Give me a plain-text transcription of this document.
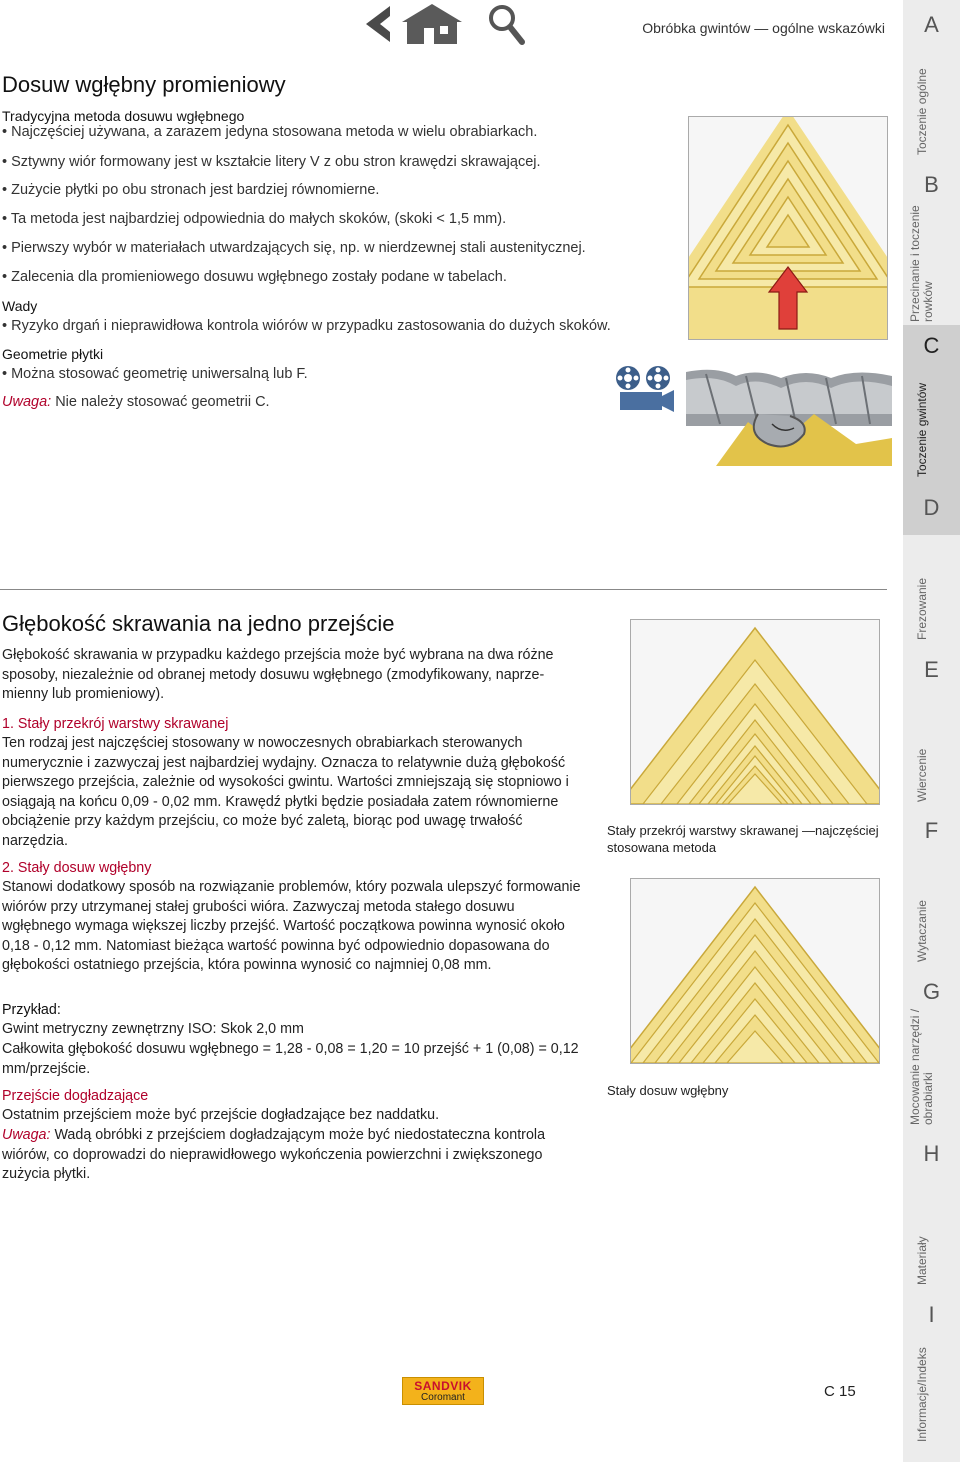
Obróbka gwintów — ogólne wskazówki
Dosuw wgłębny promieniowy
Tradycyjna metoda dosuwu wgłębnego
• Najczęściej używana, a zarazem jedyna stosowana metoda w wielu obrabiarkach.
• Sztywny wiór formowany jest w kształcie litery V z obu stron krawędzi skrawającej.
• Zużycie płytki po obu stronach jest bardziej równomierne.
• Ta metoda jest najbardziej odpowiednia do małych skoków, (skoki < 1,5 mm).
• Pierwszy wybór w materiałach utwardzających się, np. w nierdzewnej stali austenitycznej.
• Zalecenia dla promieniowego dosuwu wgłębnego zostały podane w tabelach.
Wady
• Ryzyko drgań i nieprawidłowa kontrola wiórów w przypadku zastosowania do dużych skoków.
Geometrie płytki
• Można stosować geometrię uniwersalną lub F.
Uwaga: Nie należy stosować geometrii C.
Głębokość skrawania na jedno przejście
Głębokość skrawania w przypadku każdego przejścia może być wybrana na dwa różne sposoby, niezależnie od obranej metody dosuwu wgłębnego (zmodyfikowany, naprze-mienny lub promieniowy).
1. Stały przekrój warstwy skrawanej
Ten rodzaj jest najczęściej stosowany w nowoczesnych obrabiarkach sterowanych numerycznie i zazwyczaj jest najbardziej wydajny. Oznacza to relatywnie dużą głębokość pierwszego przejścia, zależnie od wysokości gwintu. Wartości zmniejszają się stopniowo i osiągają na końcu 0,09 - 0,02 mm. Krawędź płytki będzie posiadała zatem równomierne obciążenie przy każdym przejściu, co może być zaletą, biorąc pod uwagę trwałość narzędzia.
2. Stały dosuw wgłębny
Stanowi dodatkowy sposób na rozwiązanie problemów, który pozwala ulepszyć formowanie wiórów przy utrzymanej stałej grubości wióra. Zazwyczaj metoda stałego dosuwu wgłębnego wymaga większej liczby przejść. Wartość początkowa powinna wynosić około 0,18 - 0,12 mm. Natomiast bieżąca wartość powinna być odpowiednio dopasowana do głębokości ostatniego przejścia, która powinna wynosić co najmniej 0,08 mm.
Przykład:
Gwint metryczny zewnętrzny ISO: Skok 2,0 mm
Całkowita głębokość dosuwu wgłębnego = 1,28 - 0,08 = 1,20 = 10 przejść + 1 (0,08) = 0,12 mm/przejście.
Przejście dogładzające
Ostatnim przejściem może być przejście dogładzające bez naddatku.
Uwaga: Wadą obróbki z przejściem dogładzającym może być niedostateczna kontrola wiórów, co doprowadzi do nieprawidłowego wykończenia powierzchni i zwiększonego zużycia płytki.
Stały przekrój warstwy skrawanej —najczęściej stosowana metoda
Stały dosuw wgłębny
SANDVIK
Coromant	C 15
A
Toczenie ogólne
B
Przecinanie i toczenie rowków
C
Toczenie gwintów
D
Frezowanie
E
Wiercenie
F
Wytaczanie
G
Mocowanie narzędzi / obrabiarki
H
Materiały
I
Informacje/Indeks
